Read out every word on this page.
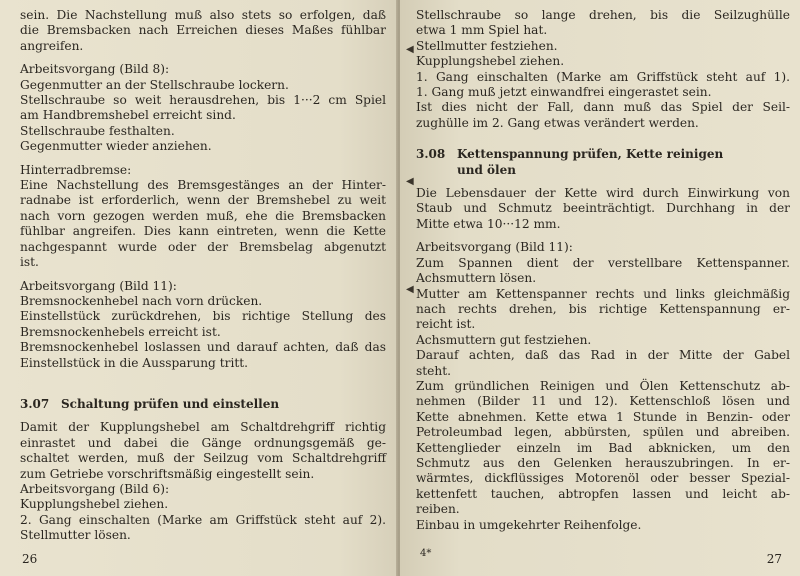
sein. Die Nachstellung muß also stets so erfolgen, daß
die Bremsbacken nach Erreichen dieses Maßes fühlbar
angreifen.
Arbeitsvorgang (Bild 8):
Gegenmutter an der Stellschraube lockern.
Stellschraube so weit herausdrehen, bis 1···2 cm Spiel
am Handbremshebel erreicht sind.
Stellschraube festhalten.
Gegenmutter wieder anziehen.
Hinterradbremse:
Eine Nachstellung des Bremsgestänges an der Hinter-
radnabe ist erforderlich, wenn der Bremshebel zu weit
nach vorn gezogen werden muß, ehe die Bremsbacken
fühlbar angreifen. Dies kann eintreten, wenn die Kette
nachgespannt wurde oder der Bremsbelag abgenutzt
ist.
Arbeitsvorgang (Bild 11):
Bremsnockenhebel nach vorn drücken.
Einstellstück zurückdrehen, bis richtige Stellung des
Bremsnockenhebels erreicht ist.
Bremsnockenhebel loslassen und darauf achten, daß das
Einstellstück in die Aussparung tritt.
3.07 Schaltung prüfen und einstellen
Damit der Kupplungshebel am Schaltdrehgriff richtig
einrastet und dabei die Gänge ordnungsgemäß ge-
schaltet werden, muß der Seilzug vom Schaltdrehgriff
zum Getriebe vorschriftsmäßig eingestellt sein.
Arbeitsvorgang (Bild 6):
Kupplungshebel ziehen.
2. Gang einschalten (Marke am Griffstück steht auf 2).
Stellmutter lösen.
26
Stellschraube so lange drehen, bis die Seilzughülle
etwa 1 mm Spiel hat.
Stellmutter festziehen.
Kupplungshebel ziehen.
1. Gang einschalten (Marke am Griffstück steht auf 1).
1. Gang muß jetzt einwandfrei eingerastet sein.
Ist dies nicht der Fall, dann muß das Spiel der Seil-
zughülle im 2. Gang etwas verändert werden.
3.08 Kettenspannung prüfen, Kette reinigen
und ölen
Die Lebensdauer der Kette wird durch Einwirkung von
Staub und Schmutz beeinträchtigt. Durchhang in der
Mitte etwa 10···12 mm.
Arbeitsvorgang (Bild 11):
Zum Spannen dient der verstellbare Kettenspanner.
Achsmuttern lösen.
Mutter am Kettenspanner rechts und links gleichmäßig
nach rechts drehen, bis richtige Kettenspannung er-
reicht ist.
Achsmuttern gut festziehen.
Darauf achten, daß das Rad in der Mitte der Gabel
steht.
Zum gründlichen Reinigen und Ölen Kettenschutz ab-
nehmen (Bilder 11 und 12). Kettenschloß lösen und
Kette abnehmen. Kette etwa 1 Stunde in Benzin- oder
Petroleumbad legen, abbürsten, spülen und abreiben.
Kettenglieder einzeln im Bad abknicken, um den
Schmutz aus den Gelenken herauszubringen. In er-
wärmtes, dickflüssiges Motorenöl oder besser Spezial-
kettenfett tauchen, abtropfen lassen und leicht ab-
reiben.
Einbau in umgekehrter Reihenfolge.
◀
◀
◀
4*	27
